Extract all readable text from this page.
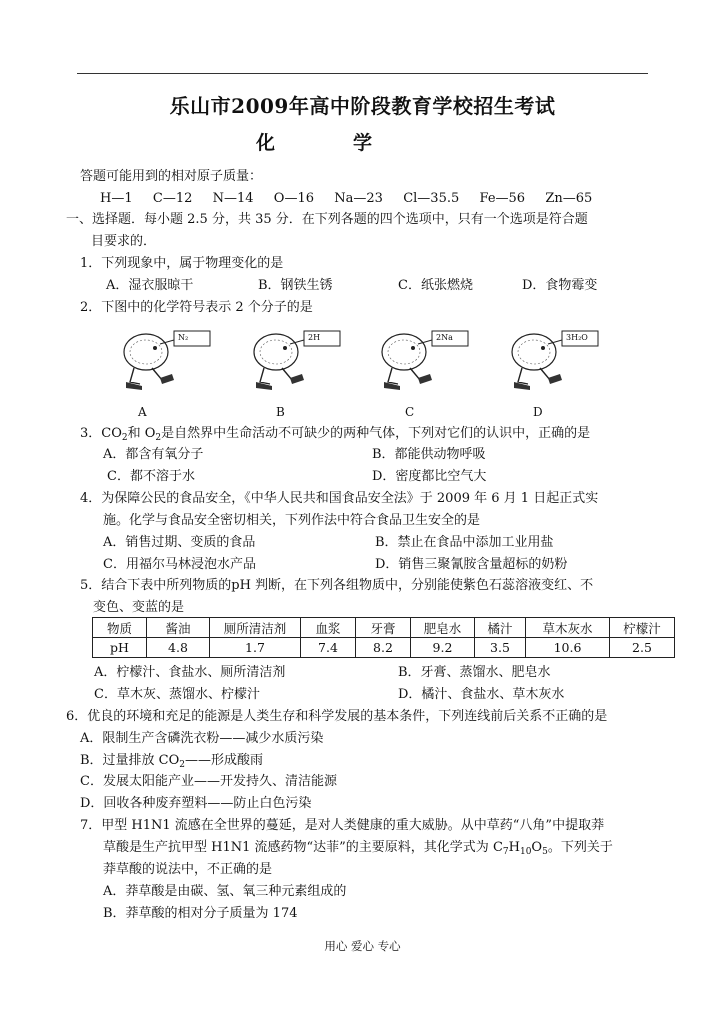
乐山市2009年高中阶段教育学校招生考试
化	学
答题可能用到的相对原子质量：
H—1  C—12  N—14  O—16  Na—23  Cl—35.5  Fe—56  Zn—65
一、选择题．每小题 2.5 分，共 35 分．在下列各题的四个选项中，只有一个选项是符合题
目要求的．
1．下列现象中，属于物理变化的是
A．湿衣服晾干	B．钢铁生锈	C．纸张燃烧	D．食物霉变
2．下图中的化学符号表示 2 个分子的是
N₂
A
2H
B
2Na
C
3H₂O
D
3．$CO_2$和 $O_2$是自然界中生命活动不可缺少的两种气体，下列对它们的认识中，正确的是
A．都含有氧分子	B．都能供动物呼吸
C．都不溶于水	D．密度都比空气大
4．为保障公民的食品安全，《中华人民共和国食品安全法》于 2009 年 6 月 1 日起正式实
施。化学与食品安全密切相关，下列作法中符合食品卫生安全的是
A．销售过期、变质的食品	B．禁止在食品中添加工业用盐
C．用福尔马林浸泡水产品	D．销售三聚氰胺含量超标的奶粉
5．结合下表中所列物质的pH 判断，在下列各组物质中，分别能使紫色石蕊溶液变红、不
变色、变蓝的是
物质	酱油	厕所清洁剂	血浆	牙膏	肥皂水	橘汁	草木灰水	柠檬汁
pH	4.8	1.7	7.4	8.2	9.2	3.5	10.6	2.5
A．柠檬汁、食盐水、厕所清洁剂	B．牙膏、蒸馏水、肥皂水
C．草木灰、蒸馏水、柠檬汁	D．橘汁、食盐水、草木灰水
6．优良的环境和充足的能源是人类生存和科学发展的基本条件，下列连线前后关系不正确的是
A．限制生产含磷洗衣粉——减少水质污染
B．过量排放 $CO_2——$形成酸雨
C．发展太阳能产业——开发持久、清洁能源
D．回收各种废弃塑料——防止白色污染
7．甲型 H1N1 流感在全世界的蔓延，是对人类健康的重大威胁。从中草药“八角”中提取莽
草酸是生产抗甲型 H1N1 流感药物“达菲”的主要原料，其化学式为 $C_7H_{10}O_5$。下列关于
莽草酸的说法中，不正确的是
A．莽草酸是由碳、氢、氧三种元素组成的
B．莽草酸的相对分子质量为 174
用心 爱心 专心
